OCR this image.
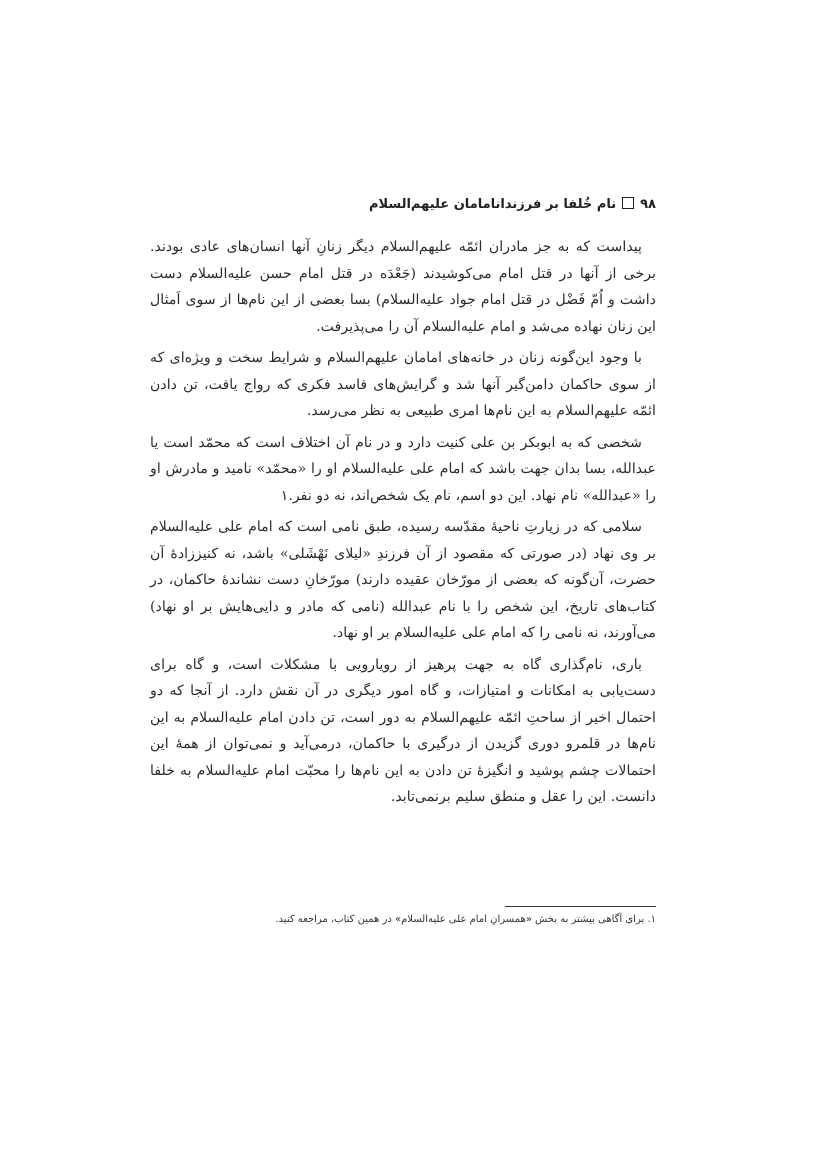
۹۸نام خُلفا بر فرزندانامامان علیهم‌السلام

پیداست که به جز مادران ائمّه علیهم‌السلام دیگر زنانِ آنها انسان‌های عادی بودند. برخی از آنها در قتل امام می‌کوشیدند (جَعْدَه در قتل امام حسن علیه‌السلام دست داشت و اُمّ فَضْل در قتل امام جواد علیه‌السلام) بسا بعضی از این نام‌ها از سوی اَمثال این زنان نهاده می‌شد و امام علیه‌السلام آن را می‌پذیرفت.

با وجود این‌گونه زنان در خانه‌های امامان علیهم‌السلام و شرایط سخت و ویژه‌ای که از سوی حاکمان دامن‌گیر آنها شد و گرایش‌های فاسد فکری که رواج یافت، تن دادن ائمّه علیهم‌السلام به این نام‌ها امری طبیعی به نظر می‌رسد.

شخصی که به ابوبکر بن علی کنیت دارد و در نام آن اختلاف است که محمّد است یا عبدالله، بسا بدان جهت باشد که امام علی علیه‌السلام او را «محمّد» نامید و مادرش او را «عبدالله» نام نهاد. این دو اسم، نام یک شخص‌اند، نه دو نفر.۱

سلامی که در زیارتِ ناحیهٔ مقدّسه رسیده، طبق نامی است که امام علی علیه‌السلام بر وی نهاد (در صورتی که مقصود از آن فرزندِ «لیلای نَهْشَلی» باشد، نه کنیززادهٔ آن حضرت، آن‌گونه که بعضی از مورّخان عقیده دارند) مورّخانِ دست نشاندهٔ حاکمان، در کتاب‌های تاریخ، این شخص را با نام عبدالله (نامی که مادر و دایی‌هایش بر او نهاد) می‌آورند، نه نامی را که امام علی علیه‌السلام بر او نهاد.

باری، نام‌گذاری گاه به جهت پرهیز از رویارویی با مشکلات است، و گاه برای دست‌یابی به امکانات و امتیازات، و گاه امور دیگری در آن نقش دارد. از آنجا که دو احتمال اخیر از ساحتِ ائمّه علیهم‌السلام به دور است، تن دادن امام علیه‌السلام به این نام‌ها در قلمرو دوری گزیدن از درگیری با حاکمان، درمی‌آید و نمی‌توان از همهٔ این احتمالات چشم پوشید و انگیزهٔ تن دادن به این نام‌ها را محبّت امام علیه‌السلام به خلفا دانست. این را عقل و منطق سلیم برنمی‌تابد.

۱. برای آگاهی بیشتر به بخش «همسرانِ امام علی علیه‌السلام» در همین کتاب، مراجعه کنید.
